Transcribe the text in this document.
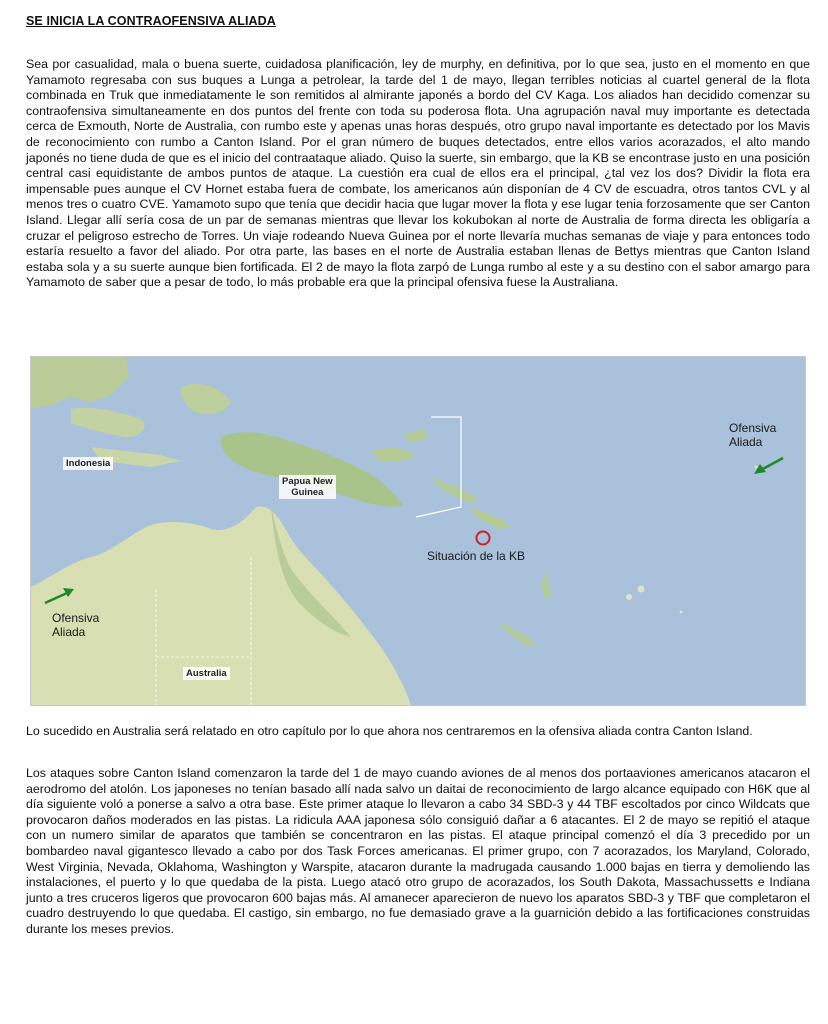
SE INICIA LA CONTRAOFENSIVA ALIADA
Sea por casualidad, mala o buena suerte, cuidadosa planificación, ley de murphy, en definitiva, por lo que sea, justo en el momento en que Yamamoto regresaba con sus buques a Lunga a petrolear, la tarde del 1 de mayo, llegan terribles noticias al cuartel general de la flota combinada en Truk que inmediatamente le son remitidos al almirante japonés a bordo del CV Kaga. Los aliados han decidido comenzar su contraofensiva simultaneamente en dos puntos del frente con toda su poderosa flota. Una agrupación naval muy importante es detectada cerca de Exmouth, Norte de Australia, con rumbo este y apenas unas horas después, otro grupo naval importante es detectado por los Mavis de reconocimiento con rumbo a Canton Island. Por el gran número de buques detectados, entre ellos varios acorazados, el alto mando japonés no tiene duda de que es el inicio del contraataque aliado. Quiso la suerte, sin embargo, que la KB se encontrase justo en una posición central casi equidistante de ambos puntos de ataque. La cuestión era cual de ellos era el principal, ¿tal vez los dos? Dividir la flota era impensable pues aunque el CV Hornet estaba fuera de combate, los americanos aún disponían de 4 CV de escuadra, otros tantos CVL y al menos tres o cuatro CVE. Yamamoto supo que tenía que decidir hacia que lugar mover la flota y ese lugar tenia forzosamente que ser Canton Island. Llegar allí sería cosa de un par de semanas mientras que llevar los kokubokan al norte de Australia de forma directa les obligaría a cruzar el peligroso estrecho de Torres. Un viaje rodeando Nueva Guinea por el norte llevaría muchas semanas de viaje y para entonces todo estaría resuelto a favor del aliado. Por otra parte, las bases en el norte de Australia estaban llenas de Bettys mientras que Canton Island estaba sola y a su suerte aunque bien fortificada. El 2 de mayo la flota zarpó de Lunga rumbo al este y a su destino con el sabor amargo para Yamamoto de saber que a pesar de todo, lo más probable era que la principal ofensiva fuese la Australiana.
Indonesia
Papua New
Guinea
Australia
Situación de la KB
Ofensiva
Aliada
Ofensiva
Aliada
Lo sucedido en Australia será relatado en otro capítulo por lo que ahora nos centraremos en la ofensiva aliada contra Canton Island.
Los ataques sobre Canton Island comenzaron la tarde del 1 de mayo cuando aviones de al menos dos portaaviones americanos atacaron el aerodromo del atolón. Los japoneses no tenían basado allí nada salvo un daitai de reconocimiento de largo alcance equipado con H6K que al día siguiente voló a ponerse a salvo a otra base. Este primer ataque lo llevaron a cabo 34 SBD-3 y 44 TBF escoltados por cinco Wildcats que provocaron daños moderados en las pistas. La ridicula AAA japonesa sólo consiguió dañar a 6 atacantes. El 2 de mayo se repitió el ataque con un numero similar de aparatos que también se concentraron en las pistas. El ataque principal comenzó el día 3 precedido por un bombardeo naval gigantesco llevado a cabo por dos Task Forces americanas. El primer grupo, con 7 acorazados, los Maryland, Colorado, West Virginia, Nevada, Oklahoma, Washington y Warspite, atacaron durante la madrugada causando 1.000 bajas en tierra y demoliendo las instalaciones, el puerto y lo que quedaba de la pista. Luego atacó otro grupo de acorazados, los South Dakota, Massachussetts e Indiana junto a tres cruceros ligeros que provocaron 600 bajas más. Al amanecer aparecieron de nuevo los aparatos SBD-3 y TBF que completaron el cuadro destruyendo lo que quedaba. El castigo, sin embargo, no fue demasiado grave a la guarnición debido a las fortificaciones construidas durante los meses previos.
